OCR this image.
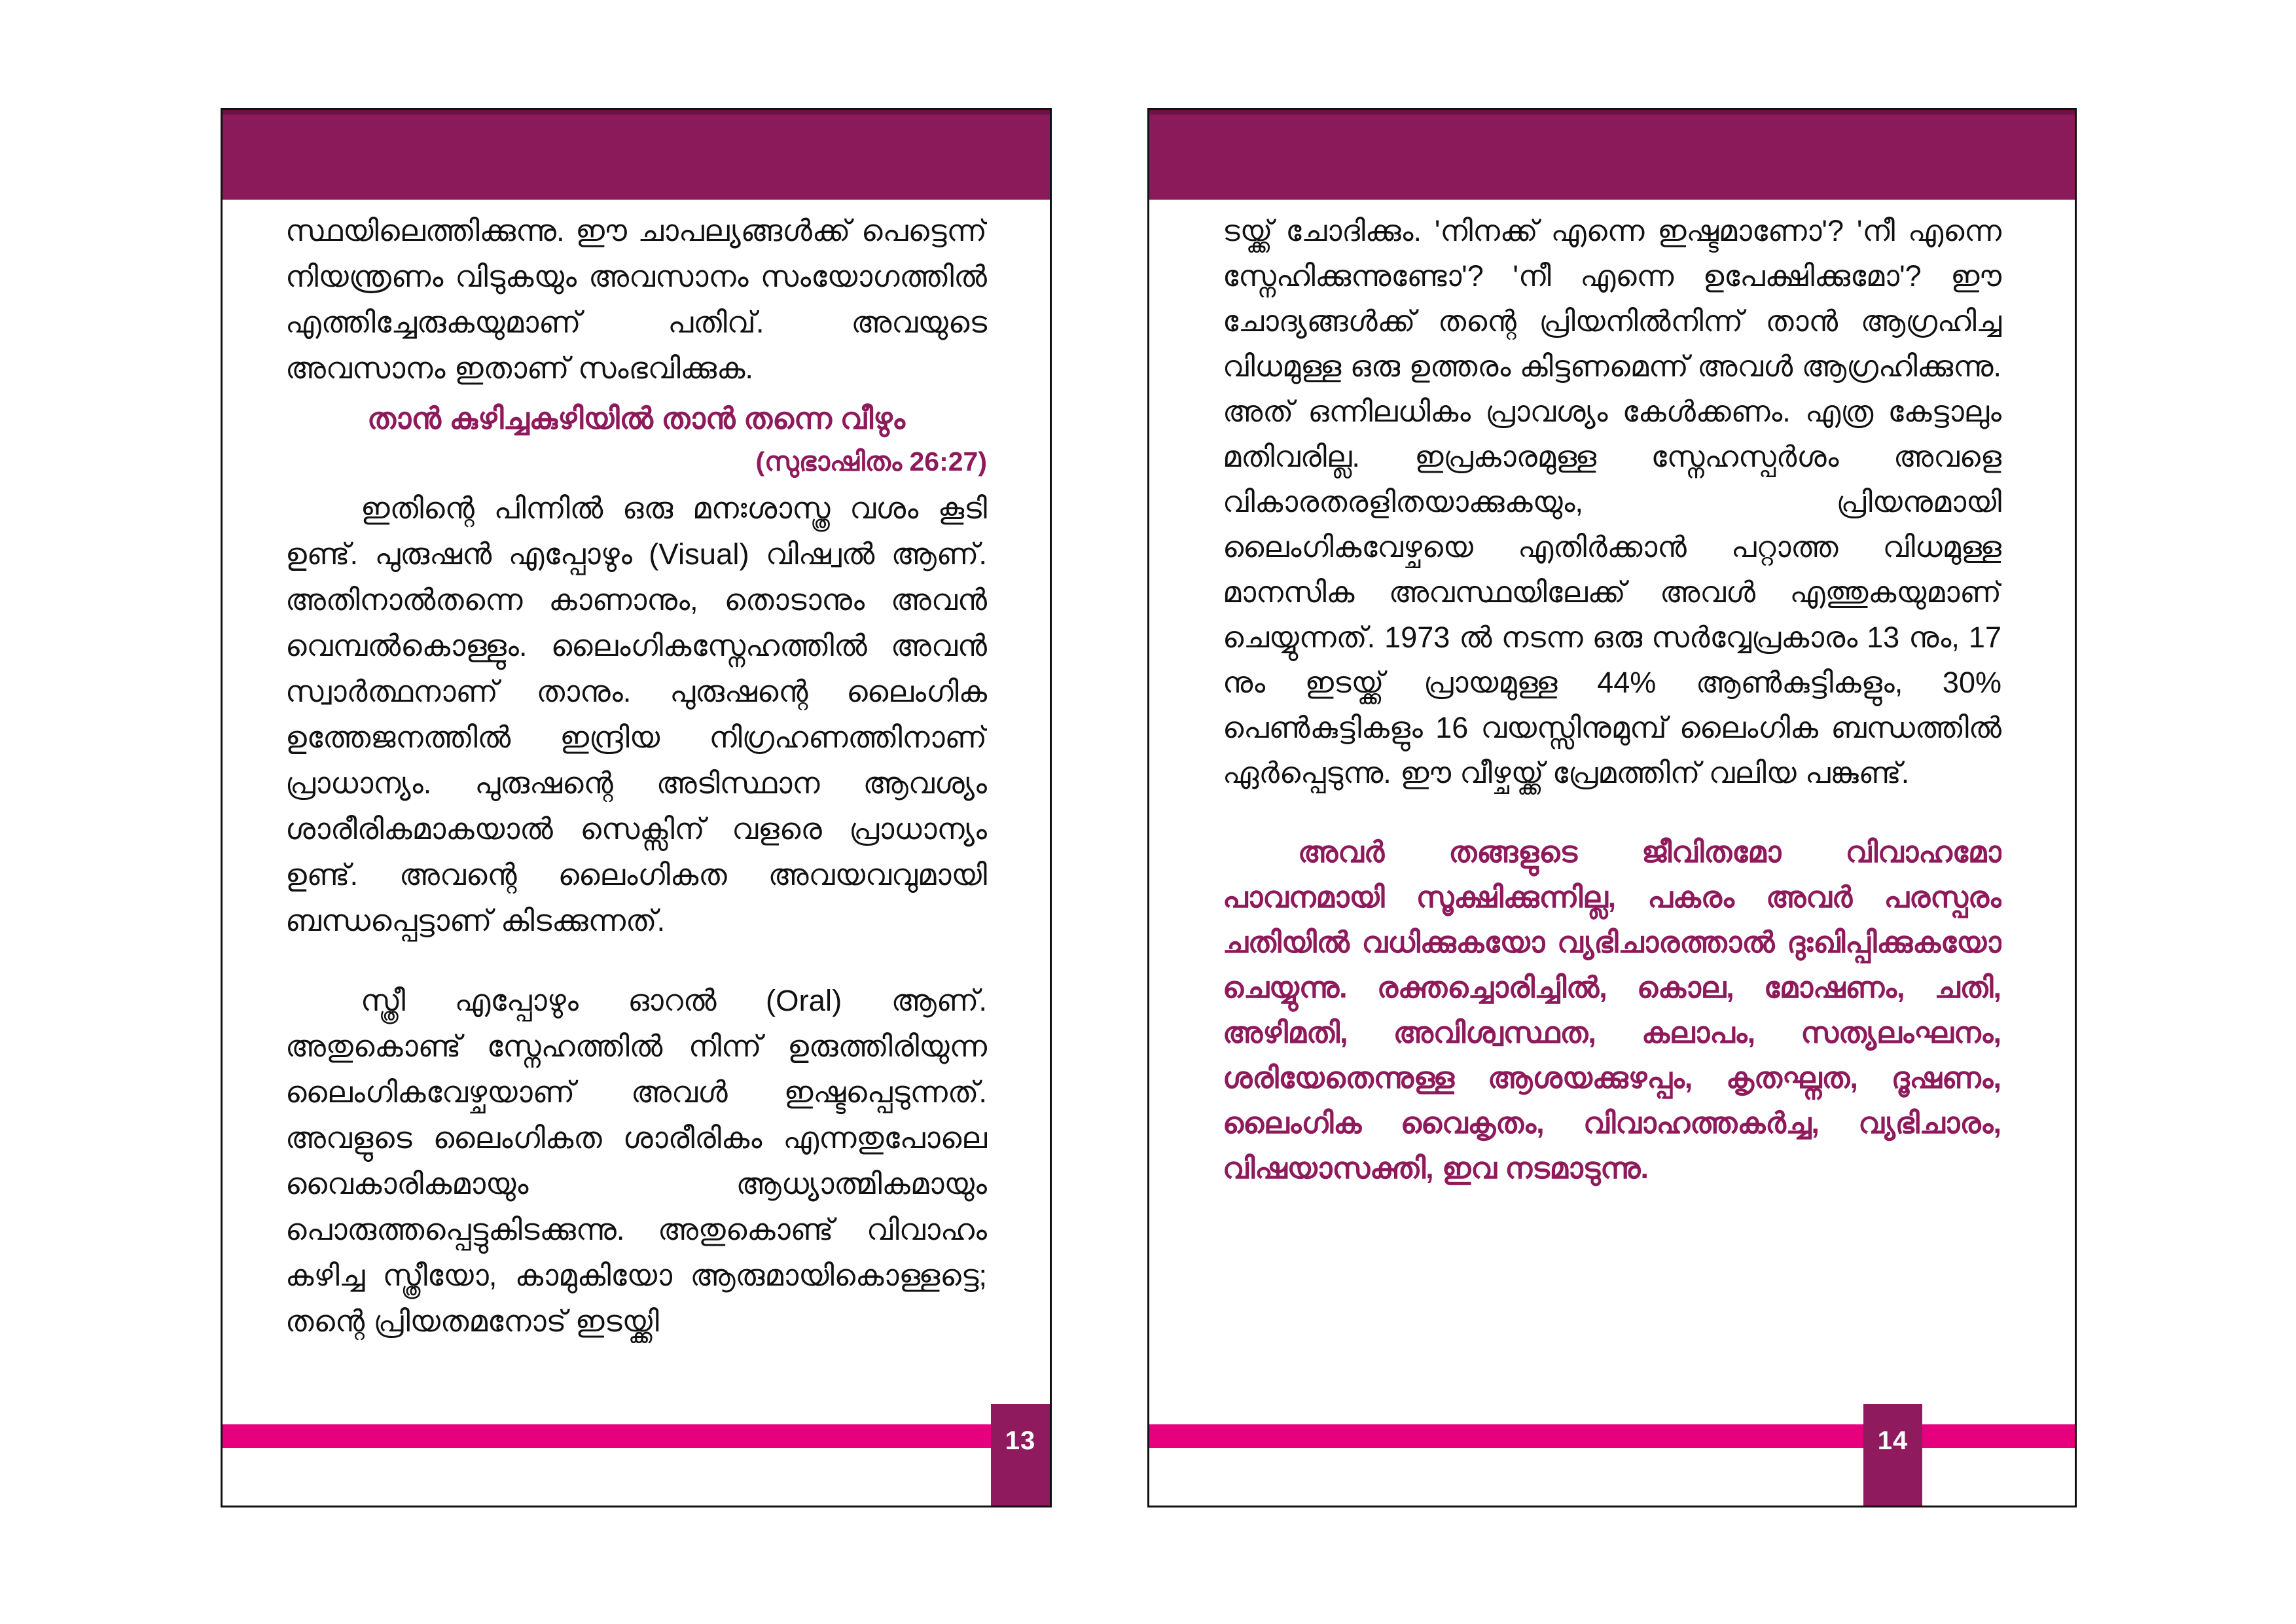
സ്ഥയിലെത്തിക്കുന്നു. ഈ ചാപല്യങ്ങൾക്ക് പെട്ടെന്ന് നിയന്ത്രണം വിടുകയും അവസാനം സംയോഗത്തിൽ എത്തിച്ചേരുകയുമാണ് പതിവ്. അവയുടെ അവസാനം ഇതാണ് സംഭവിക്കുക.

താൻ കുഴിച്ചകുഴിയിൽ താൻ തന്നെ വീഴും
(സുഭാഷിതം 26:27)

ഇതിന്റെ പിന്നിൽ ഒരു മനഃശാസ്ത്ര വശം കൂടി ഉണ്ട്. പുരുഷൻ എപ്പോഴും (Visual) വിഷ്വൽ ആണ്. അതിനാൽതന്നെ കാണാനും, തൊടാനും അവൻ വെമ്പൽകൊള്ളും. ലൈംഗികസ്നേഹത്തിൽ അവൻ സ്വാർത്ഥനാണ് താനും. പുരുഷന്റെ ലൈംഗിക ഉത്തേജനത്തിൽ ഇന്ദ്രിയ നിഗ്രഹണത്തിനാണ് പ്രാധാന്യം. പുരുഷന്റെ അടിസ്ഥാന ആവശ്യം ശാരീരികമാകയാൽ സെക്സിന് വളരെ പ്രാധാന്യം ഉണ്ട്. അവന്റെ ലൈംഗികത അവയവവുമായി ബന്ധപ്പെട്ടാണ് കിടക്കുന്നത്.

സ്ത്രീ എപ്പോഴും ഓറൽ (Oral) ആണ്. അതുകൊണ്ട് സ്നേഹത്തിൽ നിന്ന് ഉരുത്തിരിയുന്ന ലൈംഗികവേഴ്ചയാണ് അവൾ ഇഷ്ടപ്പെടുന്നത്. അവളുടെ ലൈംഗികത ശാരീരികം എന്നതുപോലെ വൈകാരികമായും ആധ്യാത്മികമായും പൊരുത്തപ്പെട്ടുകിടക്കുന്നു. അതുകൊണ്ട് വിവാഹം കഴിച്ച സ്ത്രീയോ, കാമുകിയോ ആരുമായികൊള്ളട്ടെ; തന്റെ പ്രിയതമനോട് ഇടയ്ക്കി

13

ടയ്ക്ക് ചോദിക്കും. 'നിനക്ക് എന്നെ ഇഷ്ടമാണോ'? 'നീ എന്നെ സ്നേഹിക്കുന്നുണ്ടോ'? 'നീ എന്നെ ഉപേക്ഷിക്കുമോ'? ഈ ചോദ്യങ്ങൾക്ക് തന്റെ പ്രിയനിൽനിന്ന് താൻ ആഗ്രഹിച്ച വിധമുള്ള ഒരു ഉത്തരം കിട്ടണമെന്ന് അവൾ ആഗ്രഹിക്കുന്നു. അത് ഒന്നിലധികം പ്രാവശ്യം കേൾക്കണം. എത്ര കേട്ടാലും മതിവരില്ല. ഇപ്രകാരമുള്ള സ്നേഹസ്പർശം അവളെ വികാരതരളിതയാക്കുകയും, പ്രിയനുമായി ലൈംഗികവേഴ്ചയെ എതിർക്കാൻ പറ്റാത്ത വിധമുള്ള മാനസിക അവസ്ഥയിലേക്ക് അവൾ എത്തുകയുമാണ് ചെയ്യുന്നത്. 1973 ൽ നടന്ന ഒരു സർവ്വേപ്രകാരം 13 നും, 17 നും ഇടയ്ക്ക് പ്രായമുള്ള 44% ആൺകുട്ടികളും, 30% പെൺകുട്ടികളും 16 വയസ്സിനുമുമ്പ് ലൈംഗിക ബന്ധത്തിൽ ഏർപ്പെടുന്നു. ഈ വീഴ്ചയ്ക്ക് പ്രേമത്തിന് വലിയ പങ്കുണ്ട്.

അവർ തങ്ങളുടെ ജീവിതമോ വിവാഹമോ പാവനമായി സൂക്ഷിക്കുന്നില്ല, പകരം അവർ പരസ്പരം ചതിയിൽ വധിക്കുകയോ വ്യഭിചാരത്താൽ ദുഃഖിപ്പിക്കുകയോ ചെയ്യുന്നു. രക്തച്ചൊരിച്ചിൽ, കൊല, മോഷണം, ചതി, അഴിമതി, അവിശ്വസ്ഥത, കലാപം, സത്യലംഘനം, ശരിയേതെന്നുള്ള ആശയക്കുഴപ്പം, കൃതഘ്നത, ദൂഷണം, ലൈംഗിക വൈകൃതം, വിവാഹത്തകർച്ച, വ്യഭിചാരം, വിഷയാസക്തി, ഇവ നടമാടുന്നു.

14
